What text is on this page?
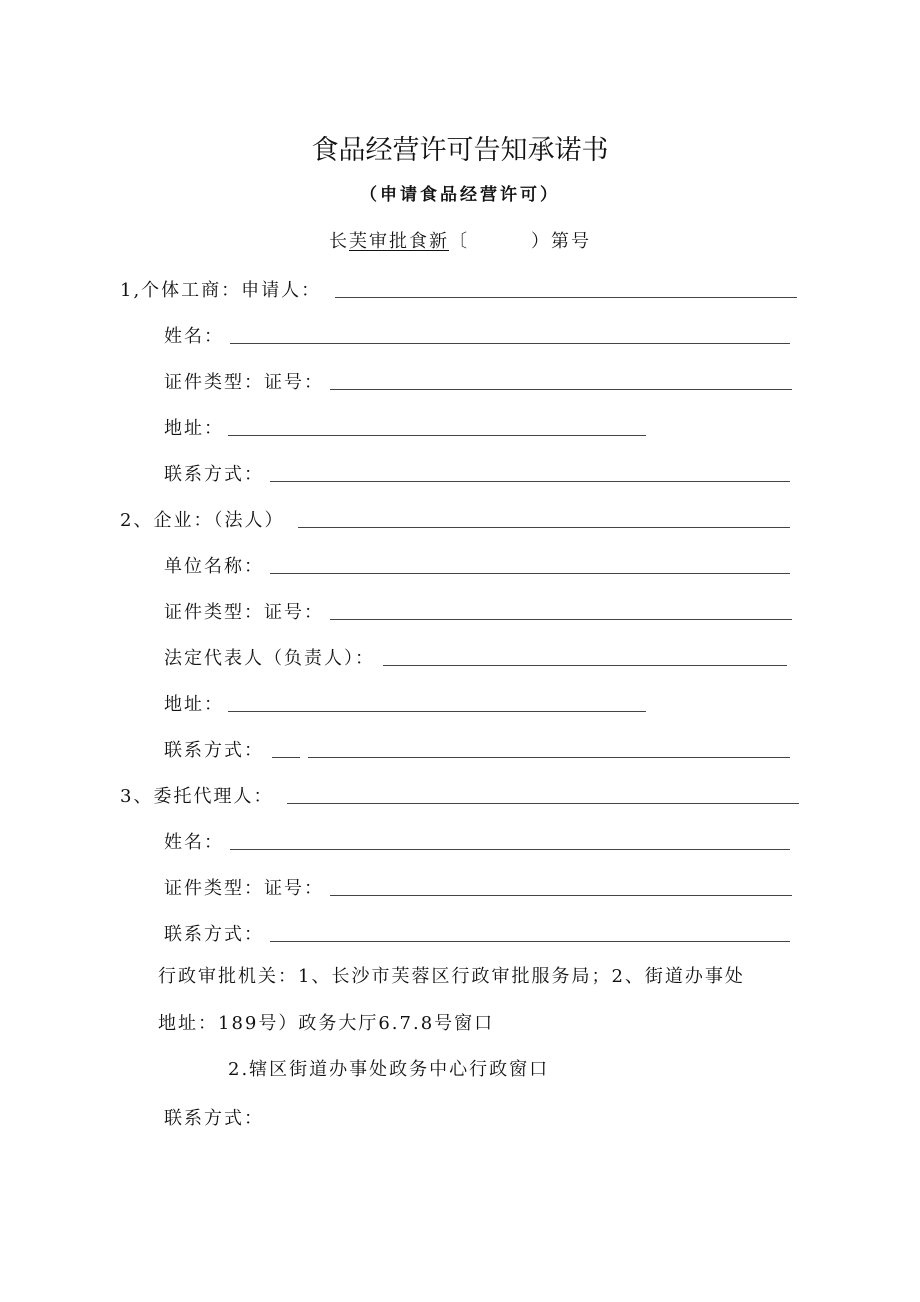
食品经营许可告知承诺书
（申请食品经营许可）
长芙审批食新〔	）第号
1,个体工商：申请人：
姓名：
证件类型：证号：
地址：
联系方式：
2、企业：（法人）
单位名称：
证件类型：证号：
法定代表人（负责人）：
地址：
联系方式：
3、委托代理人：
姓名：
证件类型：证号：
联系方式：
行政审批机关：1、长沙市芙蓉区行政审批服务局；2、街道办事处
地址：189号）政务大厅6.7.8号窗口
2.辖区街道办事处政务中心行政窗口
联系方式：
